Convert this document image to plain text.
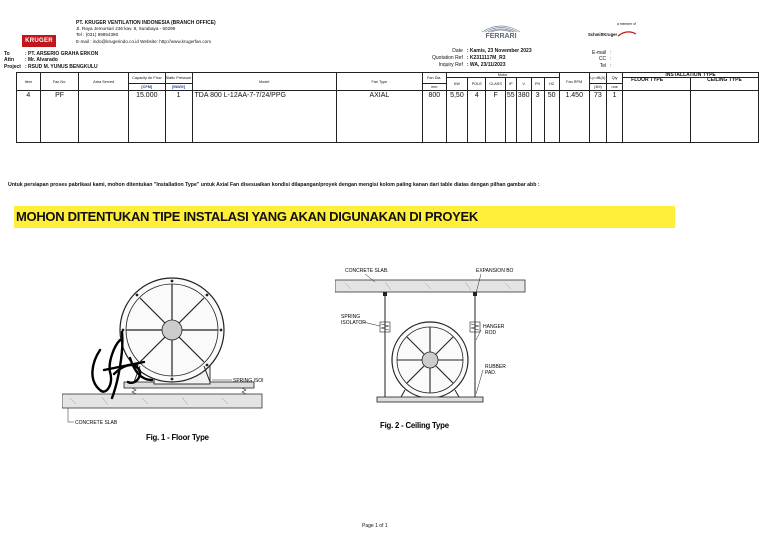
KRUGER
PT. KRUGER VENTILATION INDONESIA (BRANCH OFFICE)
Jl. Raya Jemursari 236 kav. 8, Surabaya - 60299
Tel : (031) 99854380
E-mail : indo@krugerindo.co.id Website: http://www.krugerfan.com
FERRARI
a member of
SchmittKruger
To	: PT. ARSERIO GRAHA ERKON
Attn	: Mr. Alvarado
Project	: RSUD M. YUNUS BENGKULU
Date	: Kamis, 23 November 2023
Quotation Ref	: K2311117M_R3
Inquiry Ref	: WA, 23/11/2023
E-mail	:
CC	:
Tel	:
Item	Fan No.	Area Served	Capacity Air Flow	Static Pressure	Model	Fan Type	Fan Dia.	Motor							Fan RPM	Lp dB(A)	Qty	INSTALLATION TYPE	
								KW	POLE	CLASS	IP	V	PH	HZ				FLOOR TYPE	CEILING TYPE
			[CFM]	[INWG]			mm									(3M)	nos		
4	PF		15.000	1	TDA 800 L-12AA-7-7/24/PPG	AXIAL	800	5,50	4	F	55	380	3	50	1.450	73	1		
Untuk persiapan proses pabrikasi kami, mohon ditentukan "Installation Type" untuk Axial Fan disesuaikan kondisi dilapangan/proyek dengan mengisi kolom paling kanan dari table diatas dengan pilhan gambar abb :
MOHON DITENTUKAN TIPE INSTALASI YANG AKAN DIGUNAKAN DI PROYEK
SPRING ISOI
CONCRETE SLAB
Fig. 1 - Floor Type
CONCRETE SLAB.	EXPANSION BO
SPRING
ISOLATOR
HANGER
ROD
RUBBER
PAD.
Fig. 2 - Ceiling Type
Page 1 of 1
